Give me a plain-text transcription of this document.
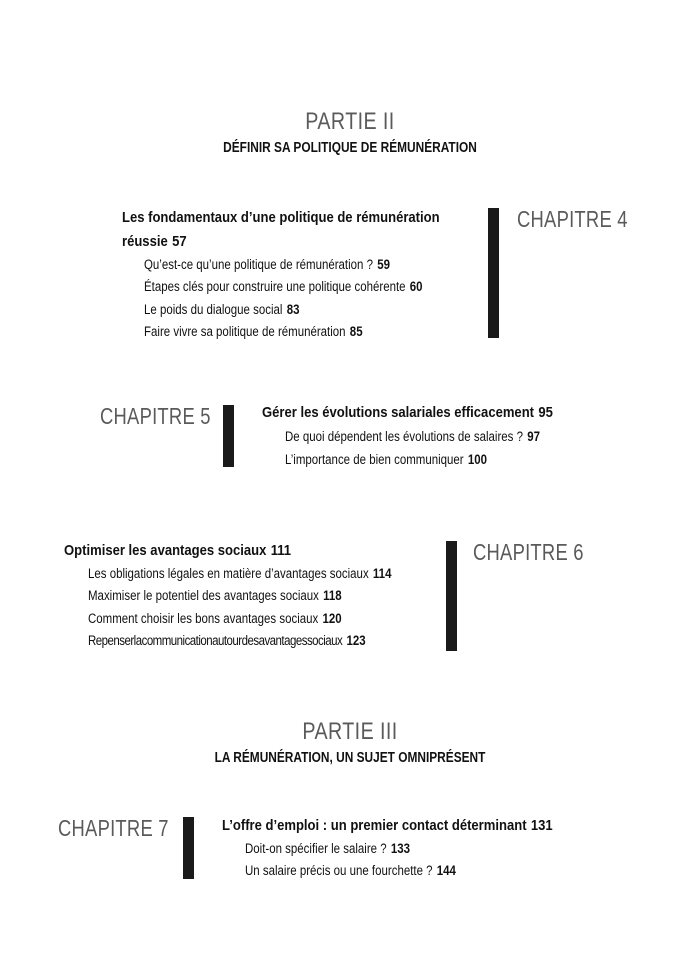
PARTIE II
DÉFINIR SA POLITIQUE DE RÉMUNÉRATION
Les fondamentaux d’une politique de rémunération
réussie 57
Qu’est-ce qu’une politique de rémunération ? 59
Étapes clés pour construire une politique cohérente 60
Le poids du dialogue social 83
Faire vivre sa politique de rémunération 85
CHAPITRE 4
CHAPITRE 5	Gérer les évolutions salariales efficacement 95
De quoi dépendent les évolutions de salaires ? 97
L’importance de bien communiquer 100
Optimiser les avantages sociaux 111
Les obligations légales en matière d’avantages sociaux 114
Maximiser le potentiel des avantages sociaux 118
Comment choisir les bons avantages sociaux 120
Repenserlacommunicationautourdesavantagessociaux 123
CHAPITRE 6
PARTIE III
LA RÉMUNÉRATION, UN SUJET OMNIPRÉSENT
CHAPITRE 7	L’offre d’emploi : un premier contact déterminant 131
Doit-on spécifier le salaire ? 133
Un salaire précis ou une fourchette ? 144
